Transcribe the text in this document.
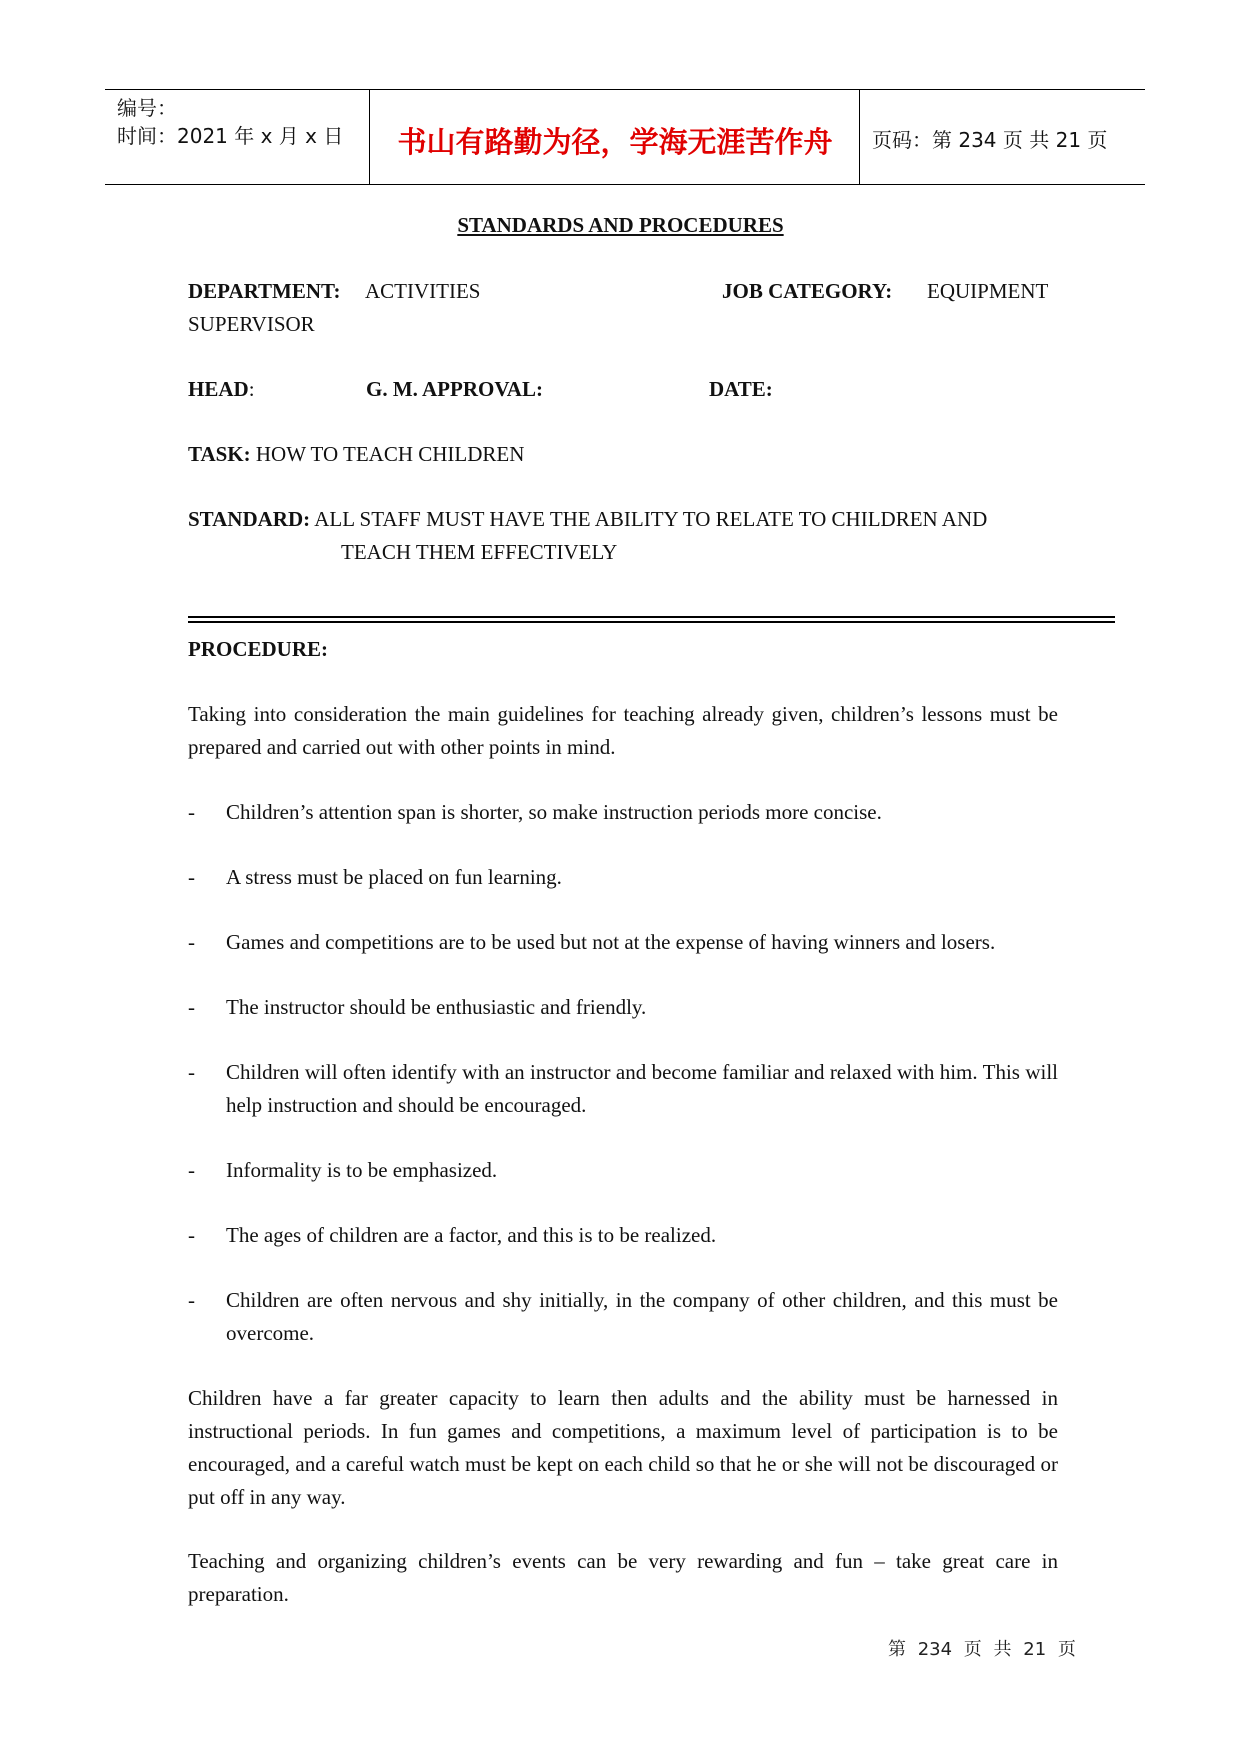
编号：
时间：2021 年 x 月 x 日	书山有路勤为径，学海无涯苦作舟	页码：第 234 页 共 21 页
STANDARDS AND PROCEDURES
DEPARTMENT: ACTIVITIES	JOB CATEGORY: EQUIPMENT
SUPERVISOR
HEAD:	G. M. APPROVAL:	DATE:
TASK: HOW TO TEACH CHILDREN
STANDARD: ALL STAFF MUST HAVE THE ABILITY TO RELATE TO CHILDREN AND
TEACH THEM EFFECTIVELY
PROCEDURE:
Taking into consideration the main guidelines for teaching already given, children’s lessons must be prepared and carried out with other points in mind.
- Children’s attention span is shorter, so make instruction periods more concise.
- A stress must be placed on fun learning.
- Games and competitions are to be used but not at the expense of having winners and losers.
- The instructor should be enthusiastic and friendly.
- Children will often identify with an instructor and become familiar and relaxed with him. This will help instruction and should be encouraged.
- Informality is to be emphasized.
- The ages of children are a factor, and this is to be realized.
- Children are often nervous and shy initially, in the company of other children, and this must be overcome.
Children have a far greater capacity to learn then adults and the ability must be harnessed in instructional periods. In fun games and competitions, a maximum level of participation is to be encouraged, and a careful watch must be kept on each child so that he or she will not be discouraged or put off in any way.
Teaching and organizing children’s events can be very rewarding and fun – take great care in preparation.
第 234 页 共 21 页
